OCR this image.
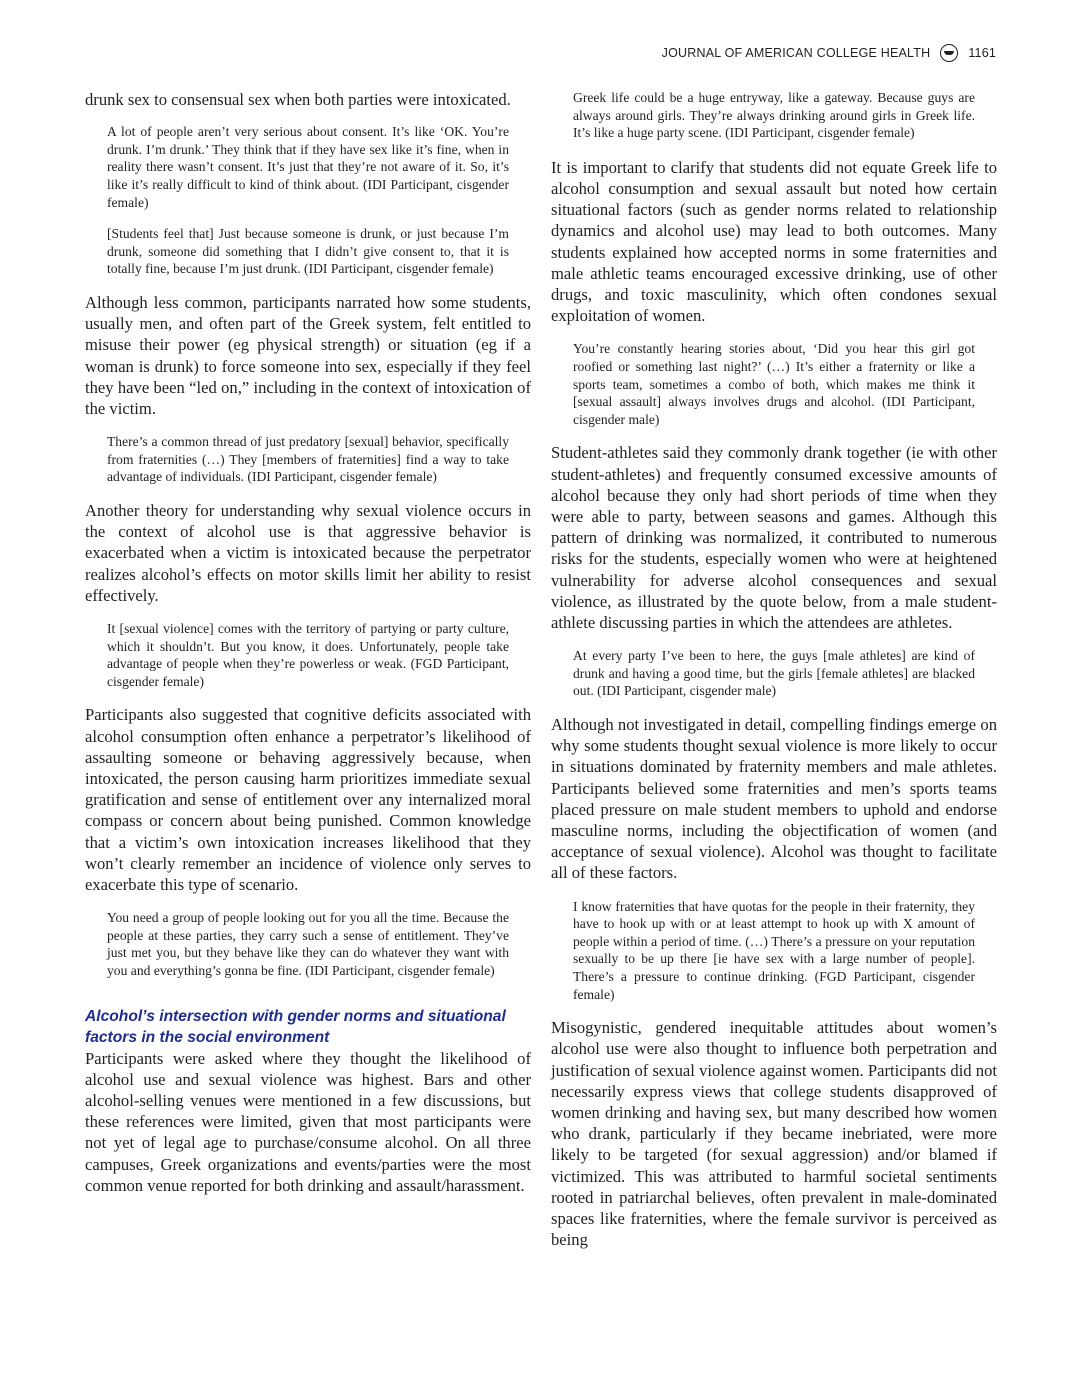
JOURNAL OF AMERICAN COLLEGE HEALTH	1161

drunk sex to consensual sex when both parties were intoxicated.

A lot of people aren’t very serious about consent. It’s like ‘OK. You’re drunk. I’m drunk.’ They think that if they have sex like it’s fine, when in reality there wasn’t consent. It’s just that they’re not aware of it. So, it’s like it’s really difficult to kind of think about. (IDI Participant, cisgender female)
[Students feel that] Just because someone is drunk, or just because I’m drunk, someone did something that I didn’t give consent to, that it is totally fine, because I’m just drunk. (IDI Participant, cisgender female)

Although less common, participants narrated how some students, usually men, and often part of the Greek system, felt entitled to misuse their power (eg physical strength) or situation (eg if a woman is drunk) to force someone into sex, especially if they feel they have been “led on,” including in the context of intoxication of the victim.

There’s a common thread of just predatory [sexual] behavior, specifically from fraternities (…) They [members of fraternities] find a way to take advantage of individuals. (IDI Participant, cisgender female)

Another theory for understanding why sexual violence occurs in the context of alcohol use is that aggressive behavior is exacerbated when a victim is intoxicated because the perpetrator realizes alcohol’s effects on motor skills limit her ability to resist effectively.

It [sexual violence] comes with the territory of partying or party culture, which it shouldn’t. But you know, it does. Unfortunately, people take advantage of people when they’re powerless or weak. (FGD Participant, cisgender female)

Participants also suggested that cognitive deficits associated with alcohol consumption often enhance a perpetrator’s likelihood of assaulting someone or behaving aggressively because, when intoxicated, the person causing harm prioritizes immediate sexual gratification and sense of entitlement over any internalized moral compass or concern about being punished. Common knowledge that a victim’s own intoxication increases likelihood that they won’t clearly remember an incidence of violence only serves to exacerbate this type of scenario.

You need a group of people looking out for you all the time. Because the people at these parties, they carry such a sense of entitlement. They’ve just met you, but they behave like they can do whatever they want with you and everything’s gonna be fine. (IDI Participant, cisgender female)
Alcohol’s intersection with gender norms and situational factors in the social environment

Participants were asked where they thought the likelihood of alcohol use and sexual violence was highest. Bars and other alcohol-selling venues were mentioned in a few discussions, but these references were limited, given that most participants were not yet of legal age to purchase/consume alcohol. On all three campuses, Greek organizations and events/parties were the most common venue reported for both drinking and assault/harassment.

Greek life could be a huge entryway, like a gateway. Because guys are always around girls. They’re always drinking around girls in Greek life. It’s like a huge party scene. (IDI Participant, cisgender female)

It is important to clarify that students did not equate Greek life to alcohol consumption and sexual assault but noted how certain situational factors (such as gender norms related to relationship dynamics and alcohol use) may lead to both outcomes. Many students explained how accepted norms in some fraternities and male athletic teams encouraged excessive drinking, use of other drugs, and toxic masculinity, which often condones sexual exploitation of women.

You’re constantly hearing stories about, ‘Did you hear this girl got roofied or something last night?’ (…) It’s either a fraternity or like a sports team, sometimes a combo of both, which makes me think it [sexual assault] always involves drugs and alcohol. (IDI Participant, cisgender male)

Student-athletes said they commonly drank together (ie with other student-athletes) and frequently consumed excessive amounts of alcohol because they only had short periods of time when they were able to party, between seasons and games. Although this pattern of drinking was normalized, it contributed to numerous risks for the students, especially women who were at heightened vulnerability for adverse alcohol consequences and sexual violence, as illustrated by the quote below, from a male student-athlete discussing parties in which the attendees are athletes.

At every party I’ve been to here, the guys [male athletes] are kind of drunk and having a good time, but the girls [female athletes] are blacked out. (IDI Participant, cisgender male)

Although not investigated in detail, compelling findings emerge on why some students thought sexual violence is more likely to occur in situations dominated by fraternity members and male athletes. Participants believed some fraternities and men’s sports teams placed pressure on male student members to uphold and endorse masculine norms, including the objectification of women (and acceptance of sexual violence). Alcohol was thought to facilitate all of these factors.

I know fraternities that have quotas for the people in their fraternity, they have to hook up with or at least attempt to hook up with X amount of people within a period of time. (…) There’s a pressure on your reputation sexually to be up there [ie have sex with a large number of people]. There’s a pressure to continue drinking. (FGD Participant, cisgender female)

Misogynistic, gendered inequitable attitudes about women’s alcohol use were also thought to influence both perpetration and justification of sexual violence against women. Participants did not necessarily express views that college students disapproved of women drinking and having sex, but many described how women who drank, particularly if they became inebriated, were more likely to be targeted (for sexual aggression) and/or blamed if victimized. This was attributed to harmful societal sentiments rooted in patriarchal believes, often prevalent in male-dominated spaces like fraternities, where the female survivor is perceived as being
